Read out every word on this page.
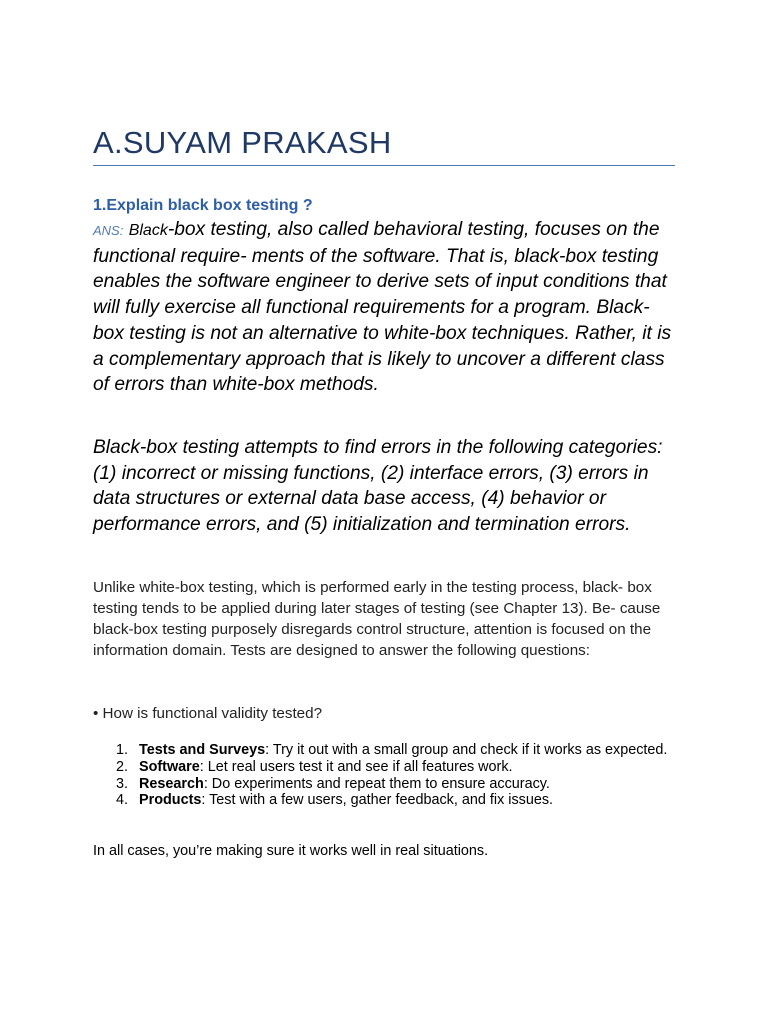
A.SUYAM PRAKASH
1.Explain black box testing ?

ANS: Black-box testing, also called behavioral testing, focuses on the functional require- ments of the software. That is, black-box testing enables the software engineer to derive sets of input conditions that will fully exercise all functional requirements for a program. Black-box testing is not an alternative to white-box techniques. Rather, it is a complementary approach that is likely to uncover a different class of errors than white-box methods.

Black-box testing attempts to find errors in the following categories: (1) incorrect or missing functions, (2) interface errors, (3) errors in data structures or external data base access, (4) behavior or performance errors, and (5) initialization and termination errors.

Unlike white-box testing, which is performed early in the testing process, black- box testing tends to be applied during later stages of testing (see Chapter 13). Be- cause black-box testing purposely disregards control structure, attention is focused on the information domain. Tests are designed to answer the following questions:

• How is functional validity tested?
1. Tests and Surveys: Try it out with a small group and check if it works as expected.
2. Software: Let real users test it and see if all features work.
3. Research: Do experiments and repeat them to ensure accuracy.
4. Products: Test with a few users, gather feedback, and fix issues.
In all cases, you’re making sure it works well in real situations.
